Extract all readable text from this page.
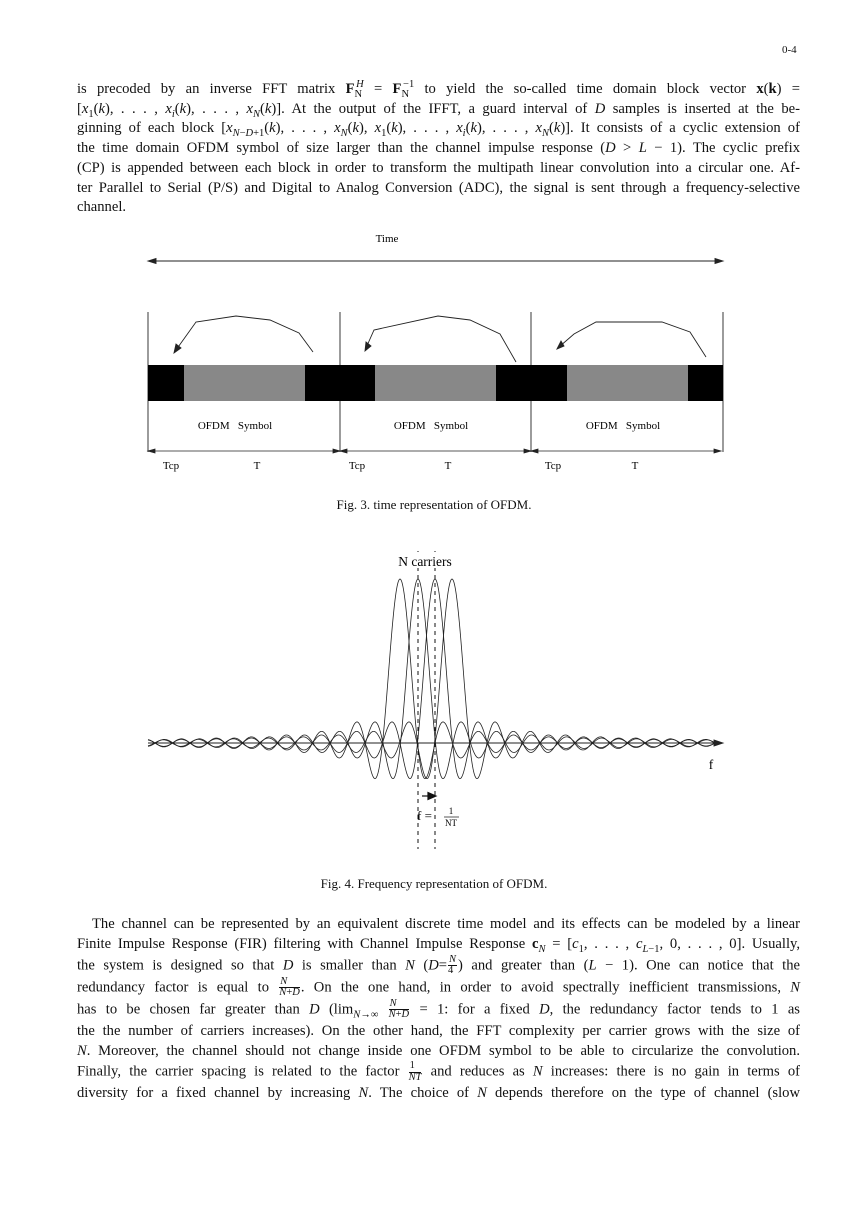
0-4
is precoded by an inverse FFT matrix $F_N^H = F_N^{-1}$ to yield the so-called time domain block vector x(k) =
[$x_1(k)$, . . . , $x_i(k)$, . . . , $x_N(k)$]. At the output of the IFFT, a guard interval of D samples is inserted at the be-
ginning of each block [$x_{N-D+1}(k)$, . . . , $x_N(k)$, $x_1(k)$, . . . , $x_i(k)$, . . . , $x_N(k)$]. It consists of a cyclic extension of
the time domain OFDM symbol of size larger than the channel impulse response (D > L − 1). The cyclic prefix
(CP) is appended between each block in order to transform the multipath linear convolution into a circular one. Af-
ter Parallel to Serial (P/S) and Digital to Analog Conversion (ADC), the signal is sent through a frequency-selective
channel.
Time
OFDM   Symbol	OFDM   Symbol	OFDM   Symbol
Tcp	T	Tcp	T	Tcp	T
Fig. 3. time representation of OFDM.
N carriers
f
f = 1
NT
Fig. 4. Frequency representation of OFDM.
The channel can be represented by an equivalent discrete time model and its effects can be modeled by a linear
Finite Impulse Response (FIR) filtering with Channel Impulse Response $c_N = [c_1$, . . . , $c_{L-1}$, 0, . . . , 0]. Usually,
the system is designed so that D is smaller than N ($D= \frac{N}{4}$ ) and greater than (L − 1). One can notice that the
redundancy factor is equal to $\frac{N}{N+D}$ . On the one hand, in order to avoid spectrally inefficient transmissions, N
has to be chosen far greater than D ($\lim_{N\to\infty} \frac{N}{N+D} = 1$: for a fixed D, the redundancy factor tends to 1 as
the the number of carriers increases). On the other hand, the FFT complexity per carrier grows with the size of
N. Moreover, the channel should not change inside one OFDM symbol to be able to circularize the convolution.
Finally, the carrier spacing is related to the factor $\frac{1}{NT}$ and reduces as N increases: there is no gain in terms of
diversity for a fixed channel by increasing N. The choice of N depends therefore on the type of channel (slow
